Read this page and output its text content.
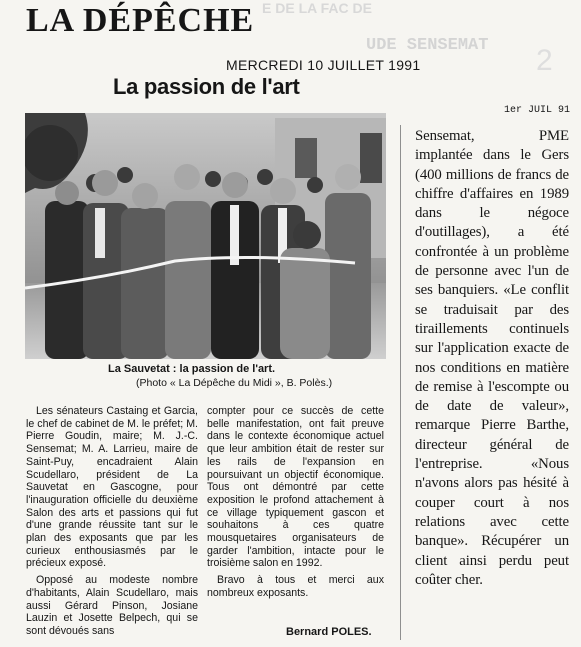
LA DÉPÊCHE E DE LA FAC DE
UDE SENSEMAT 2
MERCREDI 10 JUILLET 1991
La passion de l'art
1er JUIL 91
La Sauvetat : la passion de l'art.
(Photo « La Dépêche du Midi », B. Polès.)

Les sénateurs Castaing et Garcia, le chef de cabinet de M. le préfet; M. Pierre Goudin, maire; M. J.-C. Sensemat; M. A. Larrieu, maire de Saint-Puy, encadraient Alain Scudellaro, président de La Sauvetat en Gascogne, pour l'inauguration officielle du deuxième Salon des arts et passions qui fut d'une grande réussite tant sur le plan des exposants que par les curieux enthousiasmés par le précieux exposé.

Opposé au modeste nombre d'habitants, Alain Scudellaro, mais aussi Gérard Pinson, Josiane Lauzin et Josette Belpech, qui se sont dévoués sans

compter pour ce succès de cette belle manifestation, ont fait preuve dans le contexte économique actuel que leur ambition était de rester sur les rails de l'expansion en poursuivant un objectif économique. Tous ont démontré par cette exposition le profond attachement à ce village typiquement gascon et souhaitons à ces quatre mousquetaires organisateurs de garder l'ambition, intacte pour le troisième salon en 1992.

Bravo à tous et merci aux nombreux exposants.

Bernard POLES.

Sensemat, PME implantée dans le Gers (400 millions de francs de chiffre d'affaires en 1989 dans le négoce d'outillages), a été confrontée à un problème de personne avec l'un de ses banquiers. «Le conflit se traduisait par des tiraillements continuels sur l'application exacte de nos conditions en matière de remise à l'escompte ou de date de valeur», remarque Pierre Barthe, directeur général de l'entreprise. «Nous n'avons alors pas hésité à couper court à nos relations avec cette banque». Récupérer un client ainsi perdu peut coûter cher.
